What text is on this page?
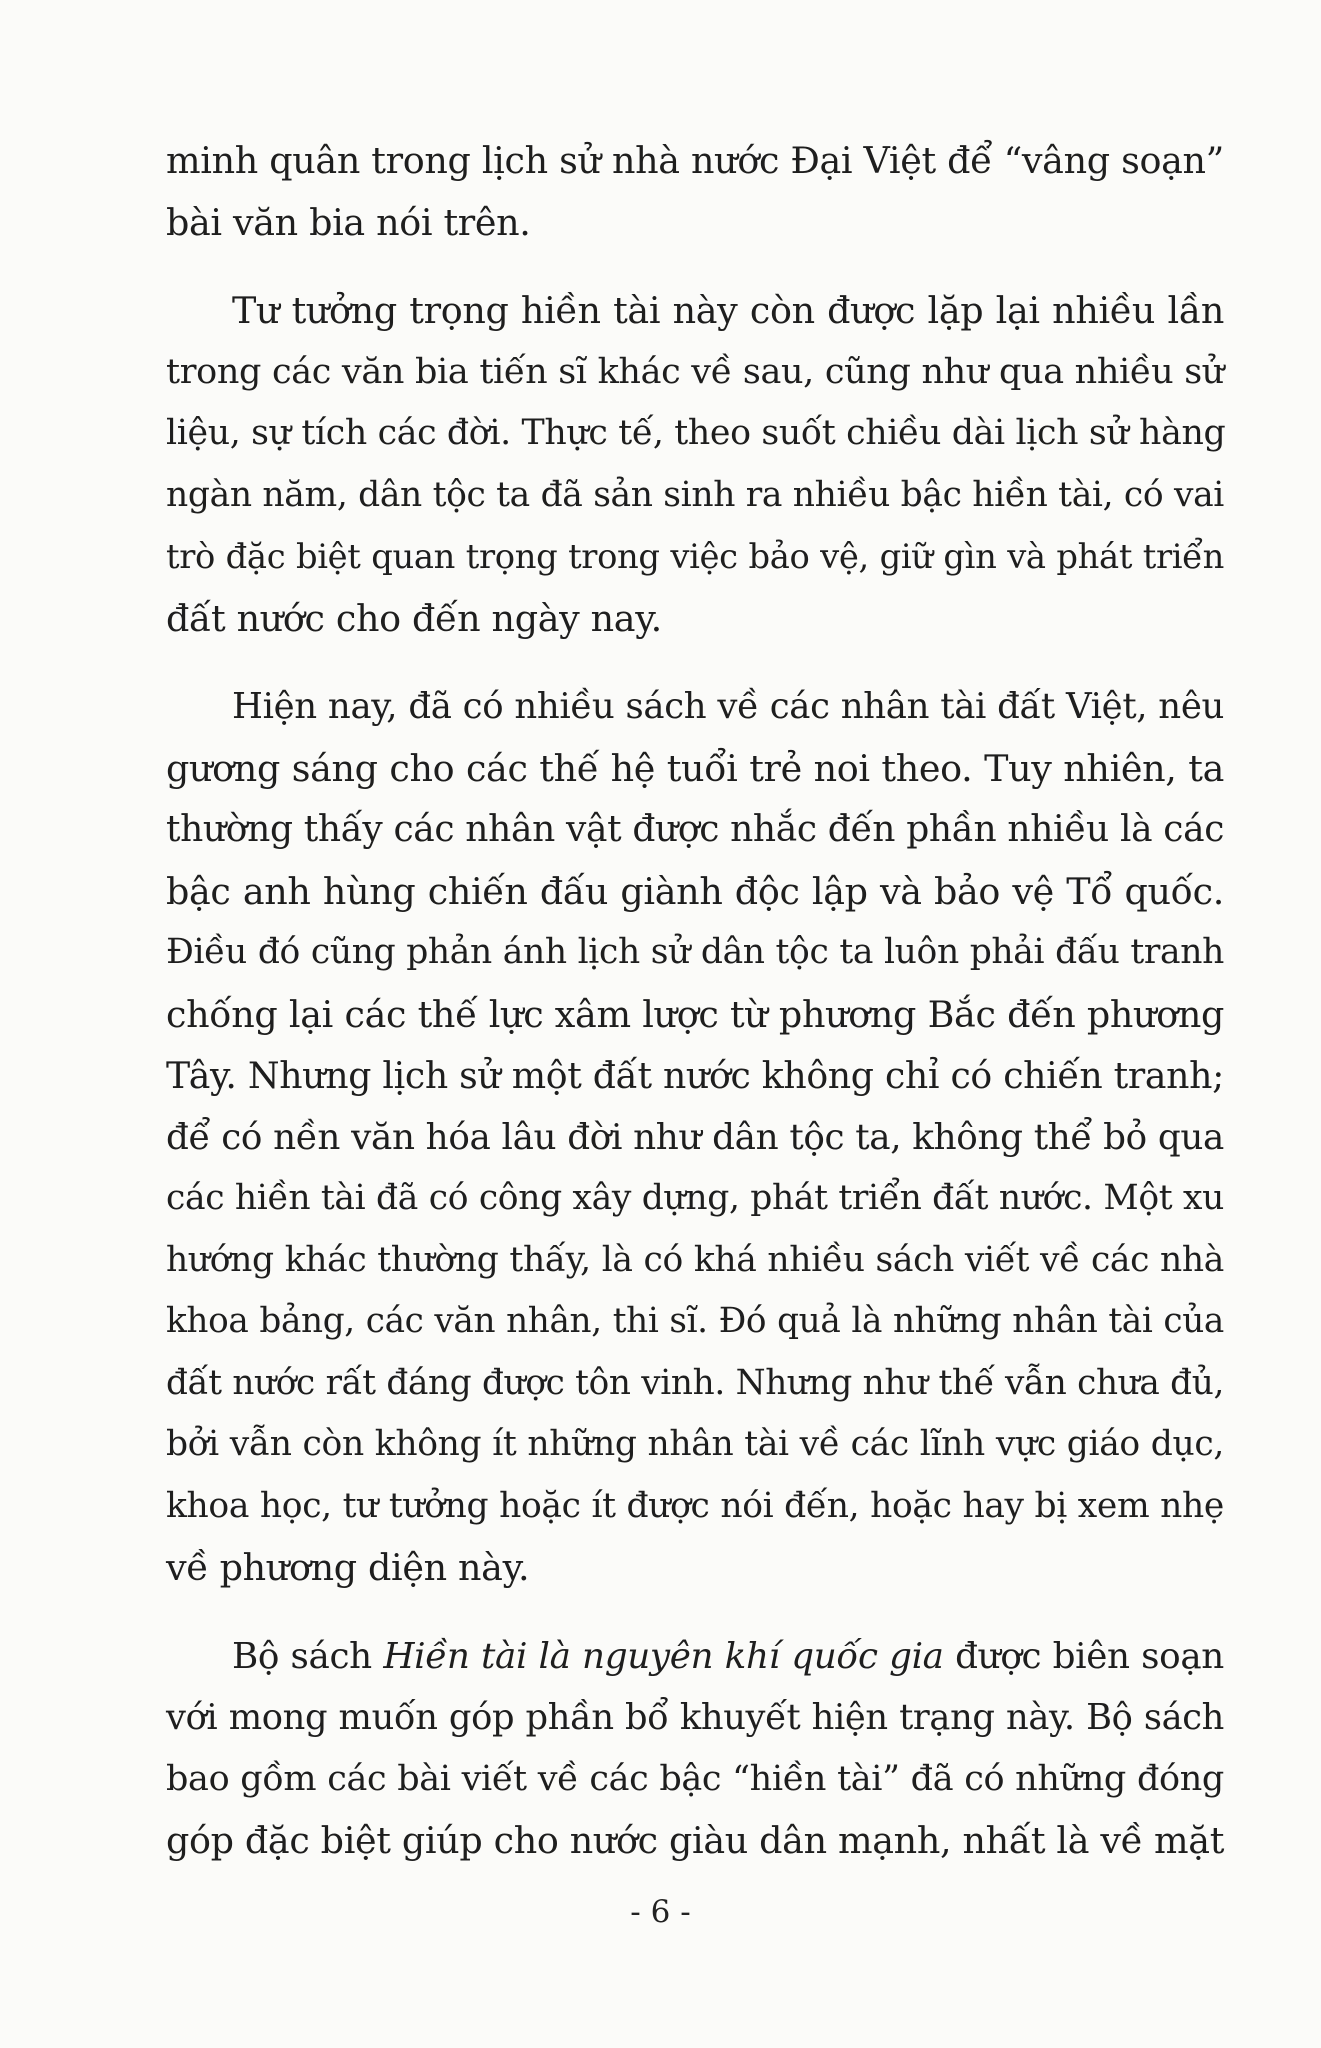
minh quân trong lịch sử nhà nước Đại Việt để “vâng soạn”
bài văn bia nói trên.
Tư tưởng trọng hiền tài này còn được lặp lại nhiều lần
trong các văn bia tiến sĩ khác về sau, cũng như qua nhiều sử
liệu, sự tích các đời. Thực tế, theo suốt chiều dài lịch sử hàng
ngàn năm, dân tộc ta đã sản sinh ra nhiều bậc hiền tài, có vai
trò đặc biệt quan trọng trong việc bảo vệ, giữ gìn và phát triển
đất nước cho đến ngày nay.
Hiện nay, đã có nhiều sách về các nhân tài đất Việt, nêu
gương sáng cho các thế hệ tuổi trẻ noi theo. Tuy nhiên, ta
thường thấy các nhân vật được nhắc đến phần nhiều là các
bậc anh hùng chiến đấu giành độc lập và bảo vệ Tổ quốc.
Điều đó cũng phản ánh lịch sử dân tộc ta luôn phải đấu tranh
chống lại các thế lực xâm lược từ phương Bắc đến phương
Tây. Nhưng lịch sử một đất nước không chỉ có chiến tranh;
để có nền văn hóa lâu đời như dân tộc ta, không thể bỏ qua
các hiền tài đã có công xây dựng, phát triển đất nước. Một xu
hướng khác thường thấy, là có khá nhiều sách viết về các nhà
khoa bảng, các văn nhân, thi sĩ. Đó quả là những nhân tài của
đất nước rất đáng được tôn vinh. Nhưng như thế vẫn chưa đủ,
bởi vẫn còn không ít những nhân tài về các lĩnh vực giáo dục,
khoa học, tư tưởng hoặc ít được nói đến, hoặc hay bị xem nhẹ
về phương diện này.
Bộ sách Hiền tài là nguyên khí quốc gia được biên soạn
với mong muốn góp phần bổ khuyết hiện trạng này. Bộ sách
bao gồm các bài viết về các bậc “hiền tài” đã có những đóng
góp đặc biệt giúp cho nước giàu dân mạnh, nhất là về mặt
- 6 -
